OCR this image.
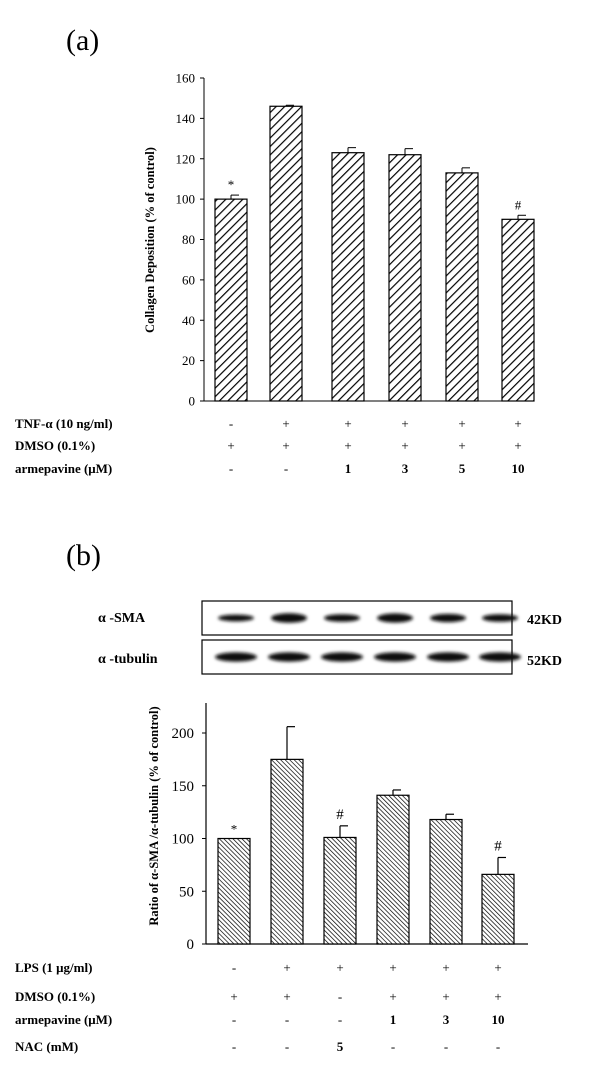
(a)
0
20
40
60
80
100
120
140
160
Collagen Deposition (% of control)	*
#
TNF-α (10 ng/ml)	-	+	+	+	+	+
DMSO (0.1%)	+	+	+	+	+	+
armepavine (μM)	-	-	1	3	5	10
(b)
α -SMA
α -tubulin
42KD
52KD
0
50
100
150
200
Ratio of α-SMA /α-tubulin (% of control)	*
#
#
LPS (1 μg/ml)	-	+	+	+	+	+
DMSO (0.1%)	+	+	-	+	+	+
armepavine (μM)	-	-	-	1	3	10
NAC (mM)	-	-	5	-	-	-
